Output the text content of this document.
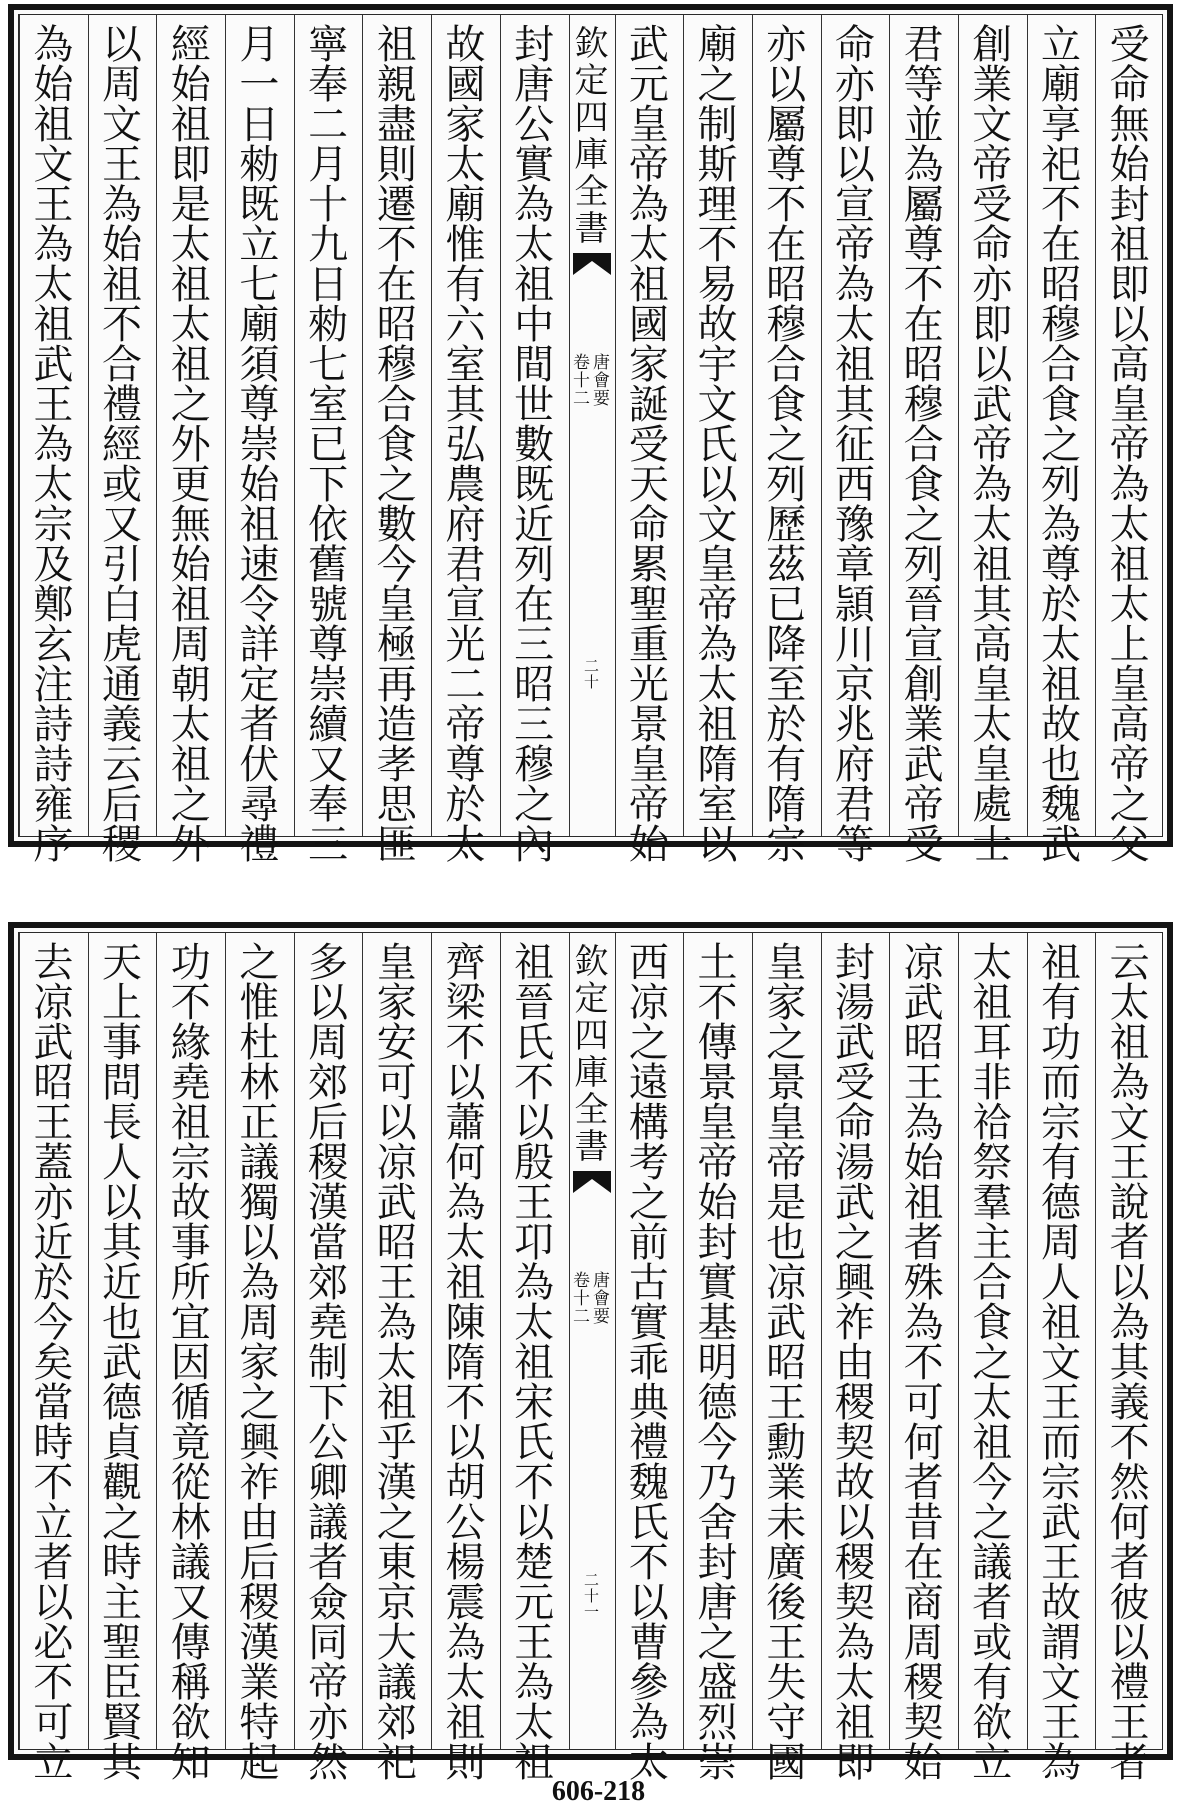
受
命
無
始
封
祖
即
以
高
皇
帝
為
太
祖
太
上
皇
高
帝
之
父
立
廟
享
祀
不
在
昭
穆
合
食
之
列
為
尊
於
太
祖
故
也
魏
武
創
業
文
帝
受
命
亦
即
以
武
帝
為
太
祖
其
高
皇
太
皇
處
士
君
等
並
為
屬
尊
不
在
昭
穆
合
食
之
列
晉
宣
創
業
武
帝
受
命
亦
即
以
宣
帝
為
太
祖
其
征
西
豫
章
頴
川
京
兆
府
君
等
亦
以
屬
尊
不
在
昭
穆
合
食
之
列
歷
茲
已
降
至
於
有
隋
宗
廟
之
制
斯
理
不
易
故
宇
文
氏
以
文
皇
帝
為
太
祖
隋
室
以
武
元
皇
帝
為
太
祖
國
家
誕
受
天
命
累
聖
重
光
景
皇
帝
始
欽
定
四
庫
全
書
卷
十
二
唐
會
要
二
十
封
唐
公
實
為
太
祖
中
間
世
數
既
近
列
在
三
昭
三
穆
之
內
故
國
家
太
廟
惟
有
六
室
其
弘
農
府
君
宣
光
二
帝
尊
於
太
祖
親
盡
則
遷
不
在
昭
穆
合
食
之
數
今
皇
極
再
造
孝
思
匪
寧
奉
二
月
十
九
日
勑
七
室
已
下
依
舊
號
尊
崇
續
又
奉
三
月
一
日
勑
既
立
七
廟
須
尊
崇
始
祖
速
令
詳
定
者
伏
尋
禮
經
始
祖
即
是
太
祖
太
祖
之
外
更
無
始
祖
周
朝
太
祖
之
外
以
周
文
王
為
始
祖
不
合
禮
經
或
又
引
白
虎
通
義
云
后
稷
為
始
祖
文
王
為
太
祖
武
王
為
太
宗
及
鄭
玄
注
詩
詩
雍
序
云
太
祖
為
文
王
說
者
以
為
其
義
不
然
何
者
彼
以
禮
王
者
祖
有
功
而
宗
有
德
周
人
祖
文
王
而
宗
武
王
故
謂
文
王
為
太
祖
耳
非
祫
祭
羣
主
合
食
之
太
祖
今
之
議
者
或
有
欲
立
凉
武
昭
王
為
始
祖
者
殊
為
不
可
何
者
昔
在
商
周
稷
契
始
封
湯
武
受
命
湯
武
之
興
祚
由
稷
契
故
以
稷
契
為
太
祖
即
皇
家
之
景
皇
帝
是
也
凉
武
昭
王
勳
業
未
廣
後
王
失
守
國
土
不
傳
景
皇
帝
始
封
實
基
明
德
今
乃
舍
封
唐
之
盛
烈
崇
西
凉
之
遠
構
考
之
前
古
實
乖
典
禮
魏
氏
不
以
曹
參
為
太
欽
定
四
庫
全
書
卷
十
二
唐
會
要
二
十
一
祖
晉
氏
不
以
殷
王
卭
為
太
祖
宋
氏
不
以
楚
元
王
為
太
祖
齊
梁
不
以
蕭
何
為
太
祖
陳
隋
不
以
胡
公
楊
震
為
太
祖
則
皇
家
安
可
以
凉
武
昭
王
為
太
祖
乎
漢
之
東
京
大
議
郊
祀
多
以
周
郊
后
稷
漢
當
郊
堯
制
下
公
卿
議
者
僉
同
帝
亦
然
之
惟
杜
林
正
議
獨
以
為
周
家
之
興
祚
由
后
稷
漢
業
特
起
功
不
緣
堯
祖
宗
故
事
所
宜
因
循
竟
從
林
議
又
傳
稱
欲
知
天
上
事
問
長
人
以
其
近
也
武
德
貞
觀
之
時
主
聖
臣
賢
其
去
凉
武
昭
王
蓋
亦
近
於
今
矣
當
時
不
立
者
以
必
不
可
立
606-218
